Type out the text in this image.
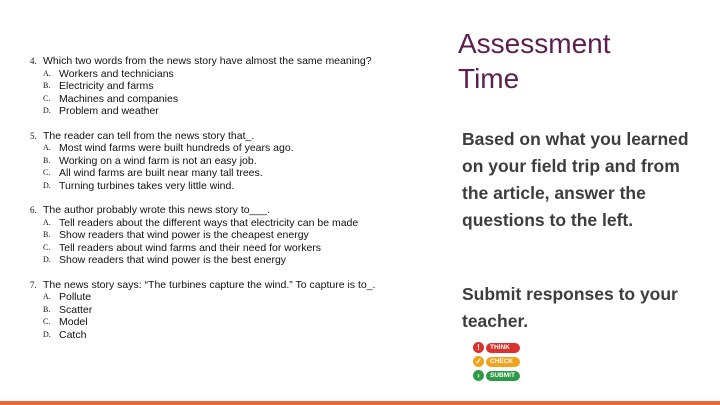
4. Which two words from the news story have almost the same meaning?
A. Workers and technicians
B. Electricity and farms
C. Machines and companies
D. Problem and weather
5. The reader can tell from the news story that_.
A. Most wind farms were built hundreds of years ago.
B. Working on a wind farm is not an easy job.
C. All wind farms are built near many tall trees.
D. Turning turbines takes very little wind.
6. The author probably wrote this news story to___.
A. Tell readers about the different ways that electricity can be made
B. Show readers that wind power is the cheapest energy
C. Tell readers about wind farms and their need for workers
D. Show readers that wind power is the best energy
7. The news story says: “The turbines capture the wind.” To capture is to_.
A. Pollute
B. Scatter
C. Model
D. Catch
Assessment
Time

Based on what you learned on your field trip and from the article, answer the questions to the left.

Submit responses to your teacher.

!	THINK
✓	CHECK
›	SUBMIT
